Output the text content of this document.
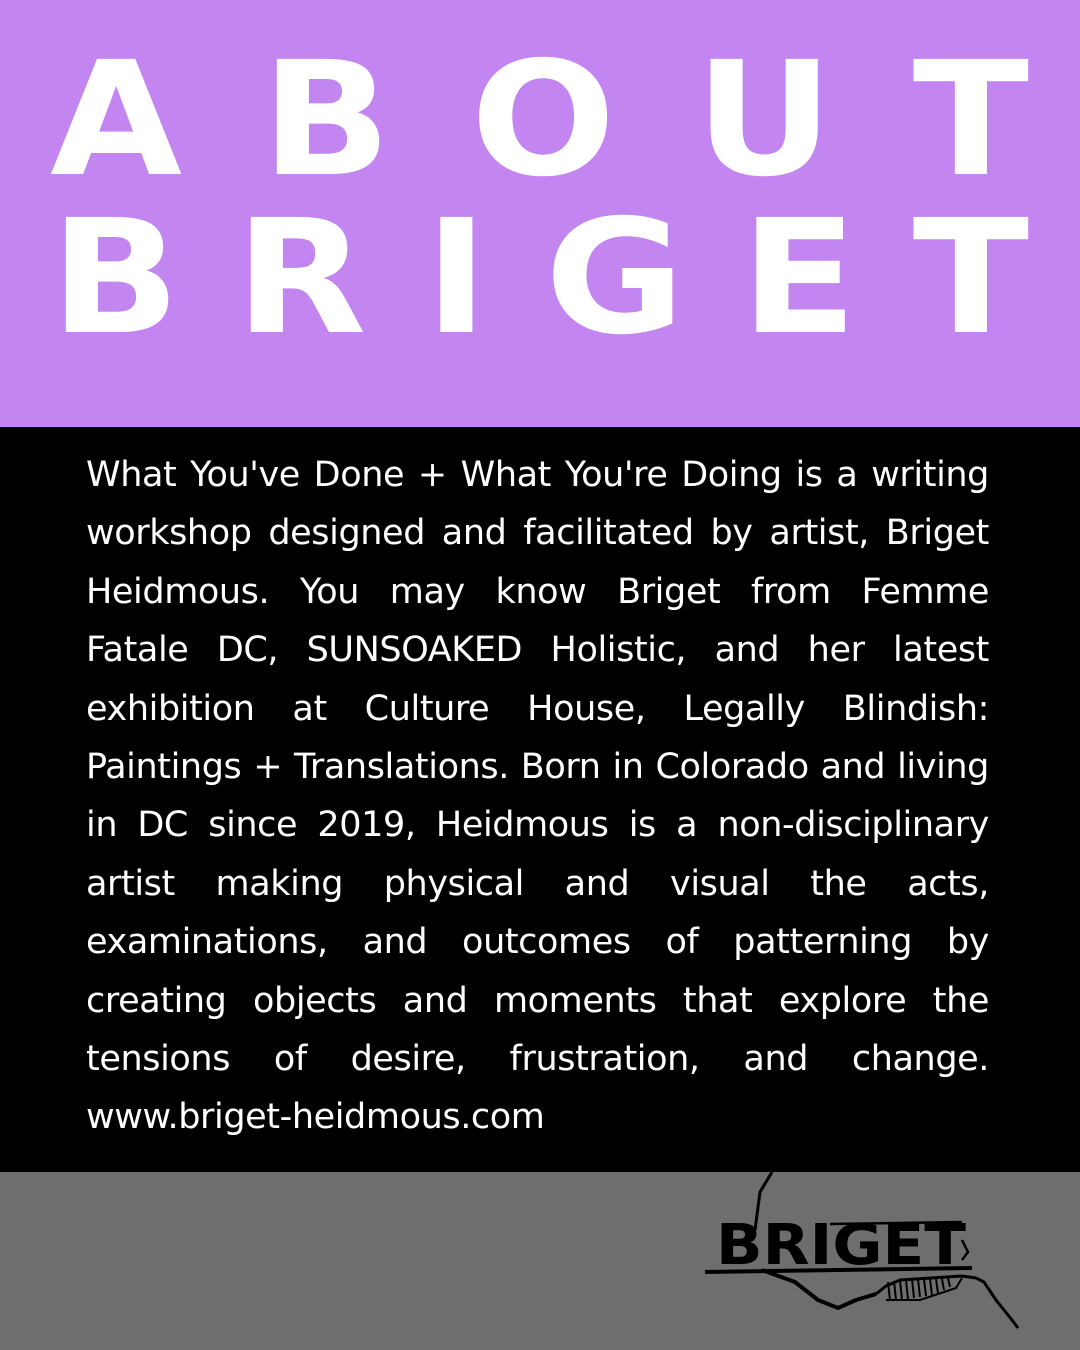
A B O U T
B R I G E T

What You've Done + What You're Doing is a writing workshop designed and facilitated by artist, Briget Heidmous. You may know Briget from Femme Fatale DC, SUNSOAKED Holistic, and her latest exhibition at Culture House, Legally Blindish: Paintings + Translations. Born in Colorado and living in DC since 2019, Heidmous is a non-disciplinary artist making physical and visual the acts, examinations, and outcomes of patterning by creating objects and moments that explore the tensions of desire, frustration, and change. www.briget-heidmous.com

BRIGET
